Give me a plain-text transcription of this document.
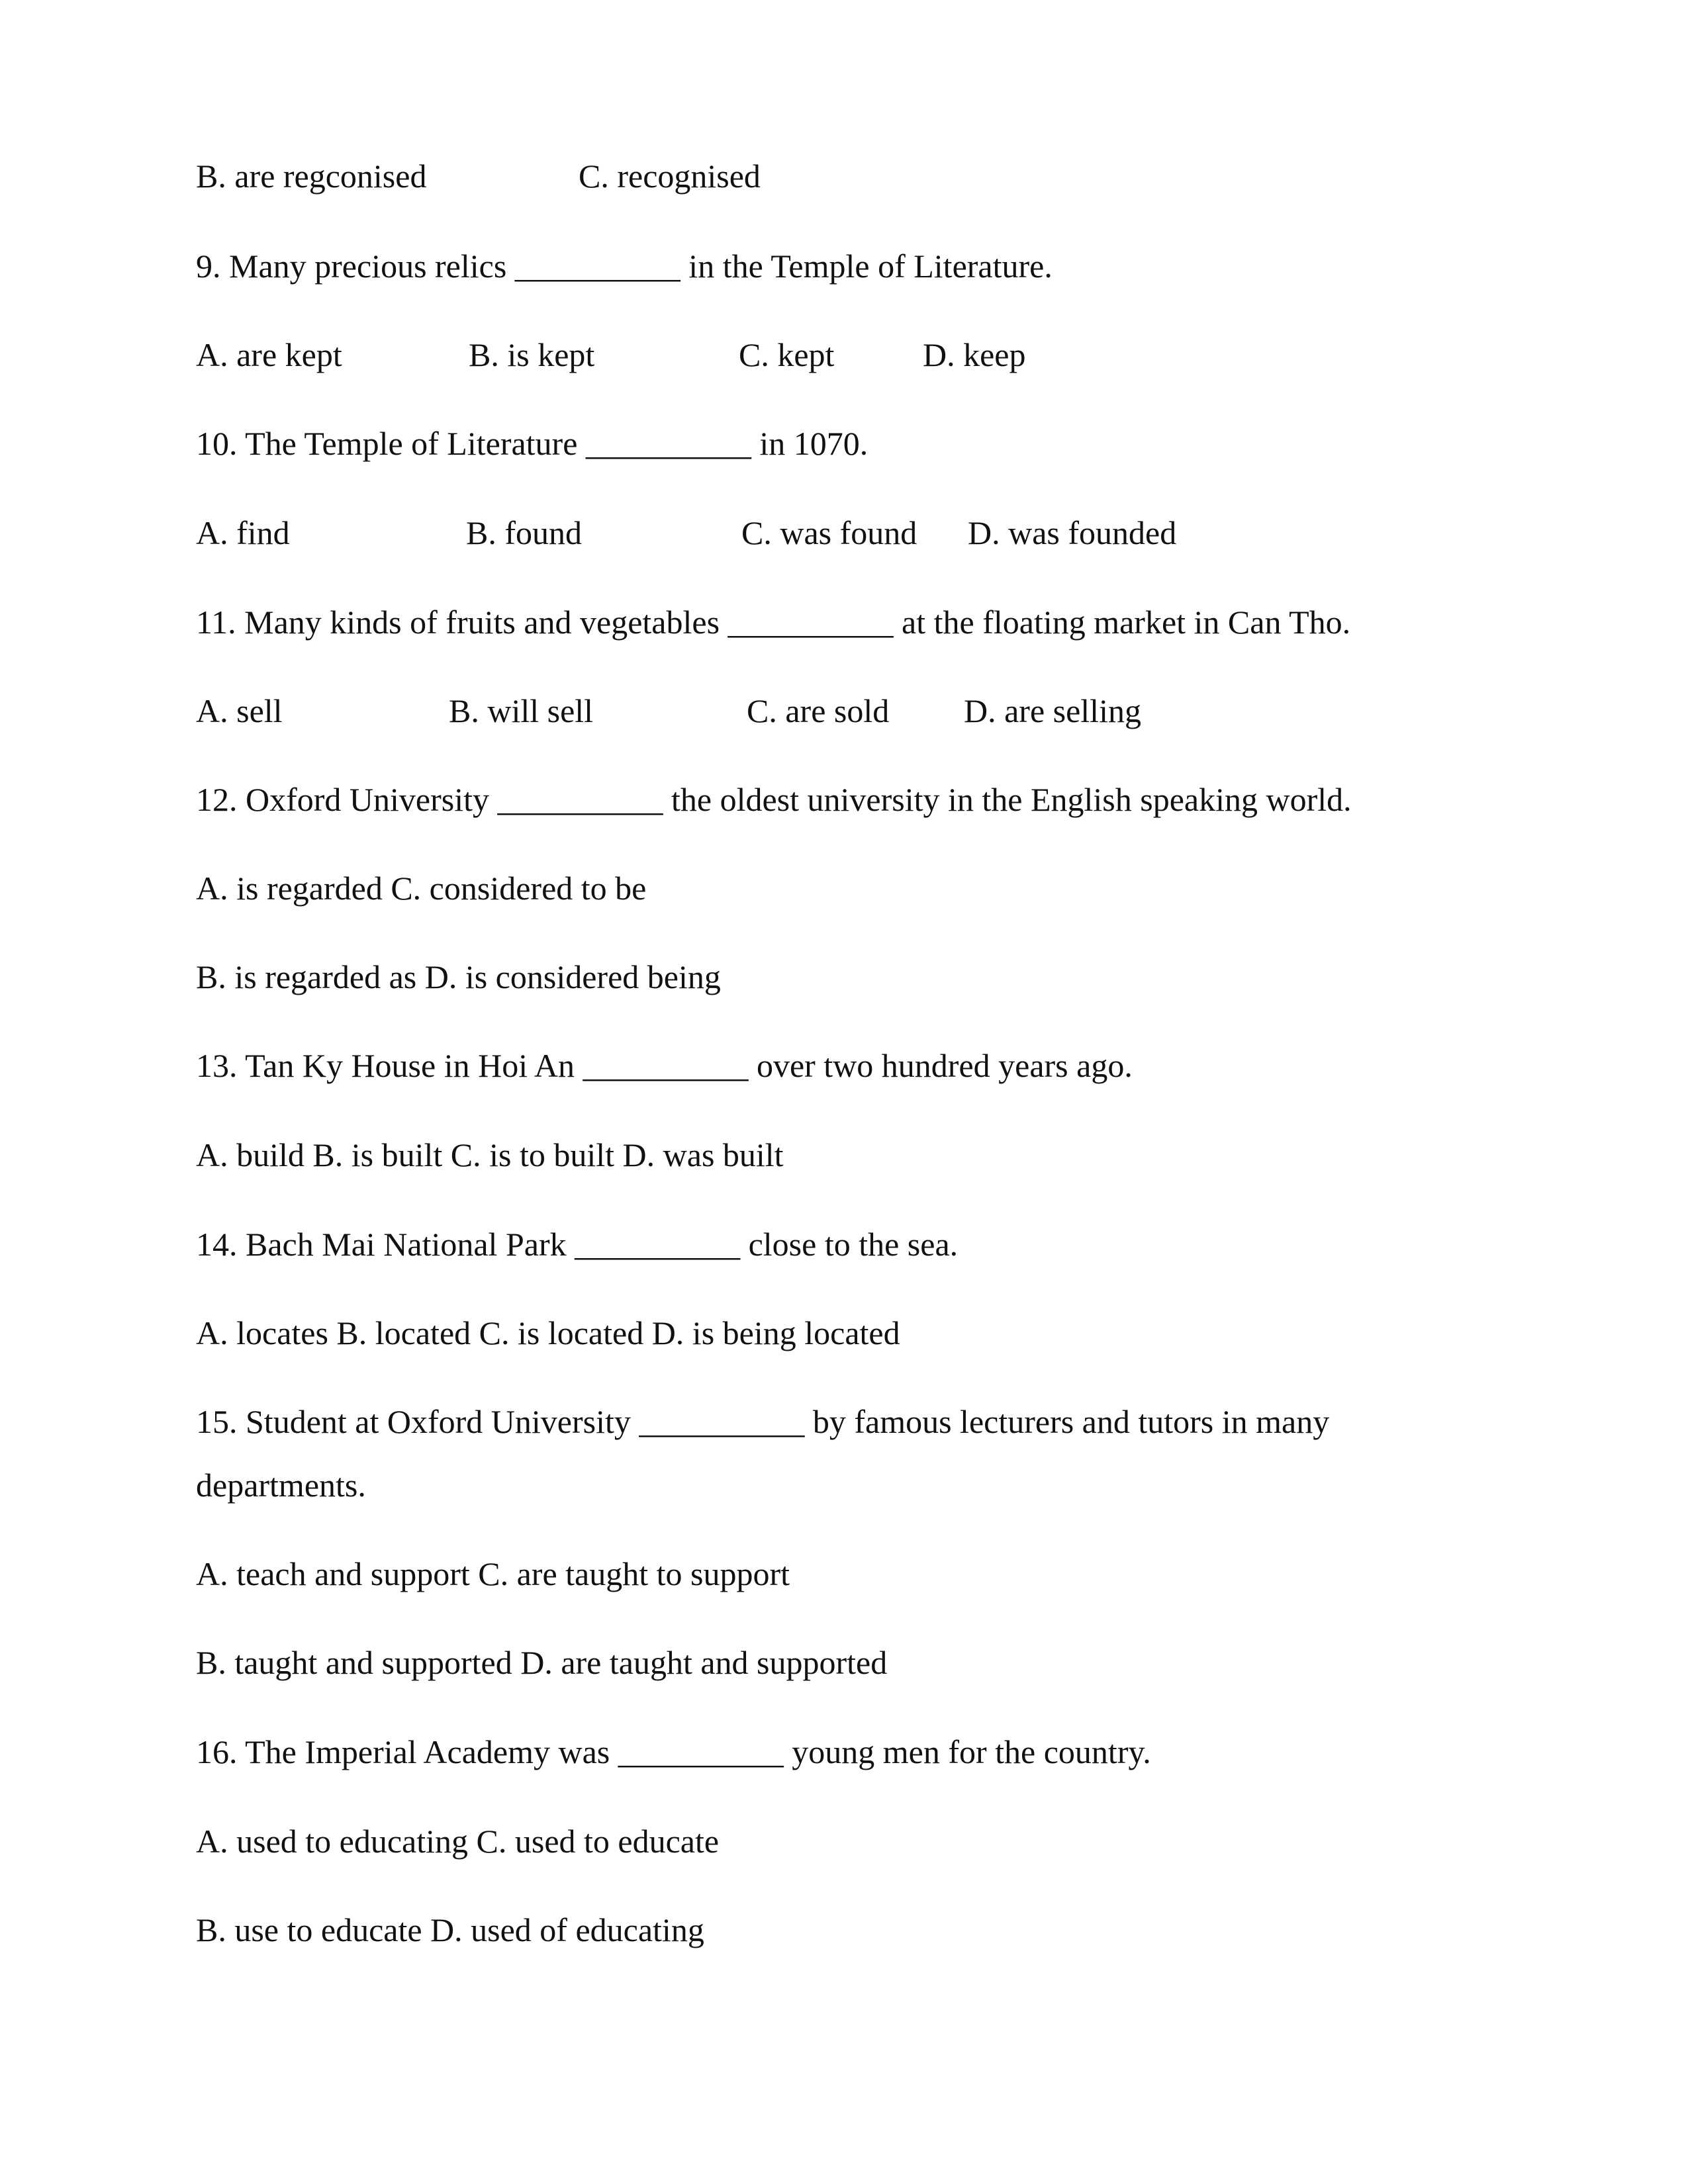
B. are regconised	C. recognised
9. Many precious relics __________ in the Temple of Literature.
A. are kept	B. is kept	C. kept	D. keep
10. The Temple of Literature __________ in 1070.
A. find	B. found	C. was found D. was founded
11. Many kinds of fruits and vegetables __________ at the floating market in Can Tho.
A. sell	B. will sell	C. are sold D. are selling
12. Oxford University __________ the oldest university in the English speaking world.
A. is regarded C. considered to be
B. is regarded as D. is considered being
13. Tan Ky House in Hoi An __________ over two hundred years ago.
A. build B. is built C. is to built D. was built
14. Bach Mai National Park __________ close to the sea.
A. locates B. located C. is located D. is being located
15. Student at Oxford University __________ by famous lecturers and tutors in many
departments.
A. teach and support C. are taught to support
B. taught and supported D. are taught and supported
16. The Imperial Academy was __________ young men for the country.
A. used to educating C. used to educate
B. use to educate D. used of educating
